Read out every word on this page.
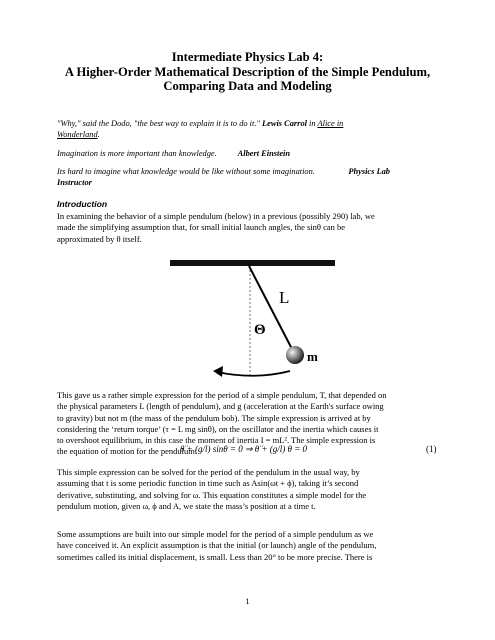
Intermediate Physics Lab 4:
A Higher-Order Mathematical Description of the Simple Pendulum,
Comparing Data and Modeling
"Why," said the Dodo, "the best way to explain it is to do it." Lewis Carrol in Alice in
Wonderland.
Imagination is more important than knowledge. Albert Einstein
Its hard to imagine what knowledge would be like without some imagination.	Physics Lab

Instructor
Introduction
In examining the behavior of a simple pendulum (below) in a previous (possibly 290) lab, we
made the simplifying assumption that, for small initial launch angles, the sinθ can be
approximated by θ itself.
L
Θ
m
This gave us a rather simple expression for the period of a simple pendulum, T, that depended on
the physical parameters L (length of pendulum), and g (acceleration at the Earth's surface owing
to gravity) but not m (the mass of the pendulum bob). The simple expression is arrived at by
considering the ‘return torque’ (τ = L mg sinθ), on the oscillator and the inertia which causes it
to overshoot equilibrium, in this case the moment of inertia I = mL². The simple expression is
the equation of motion for the pendulum:
θ̈ + (g/l) sinθ = 0 ⇒ θ̈ + (g/l) θ = 0	(1)
This simple expression can be solved for the period of the pendulum in the usual way, by
assuming that t is some periodic function in time such as Asin(ωt + ϕ), taking it’s second
derivative, substituting, and solving for ω. This equation constitutes a simple model for the
pendulum motion, given ω, ϕ and A, we state the mass’s position at a time t.
Some assumptions are built into our simple model for the period of a simple pendulum as we
have conceived it. An explicit assumption is that the initial (or launch) angle of the pendulum,
sometimes called its initial displacement, is small. Less than 20° to be more precise. There is
1
